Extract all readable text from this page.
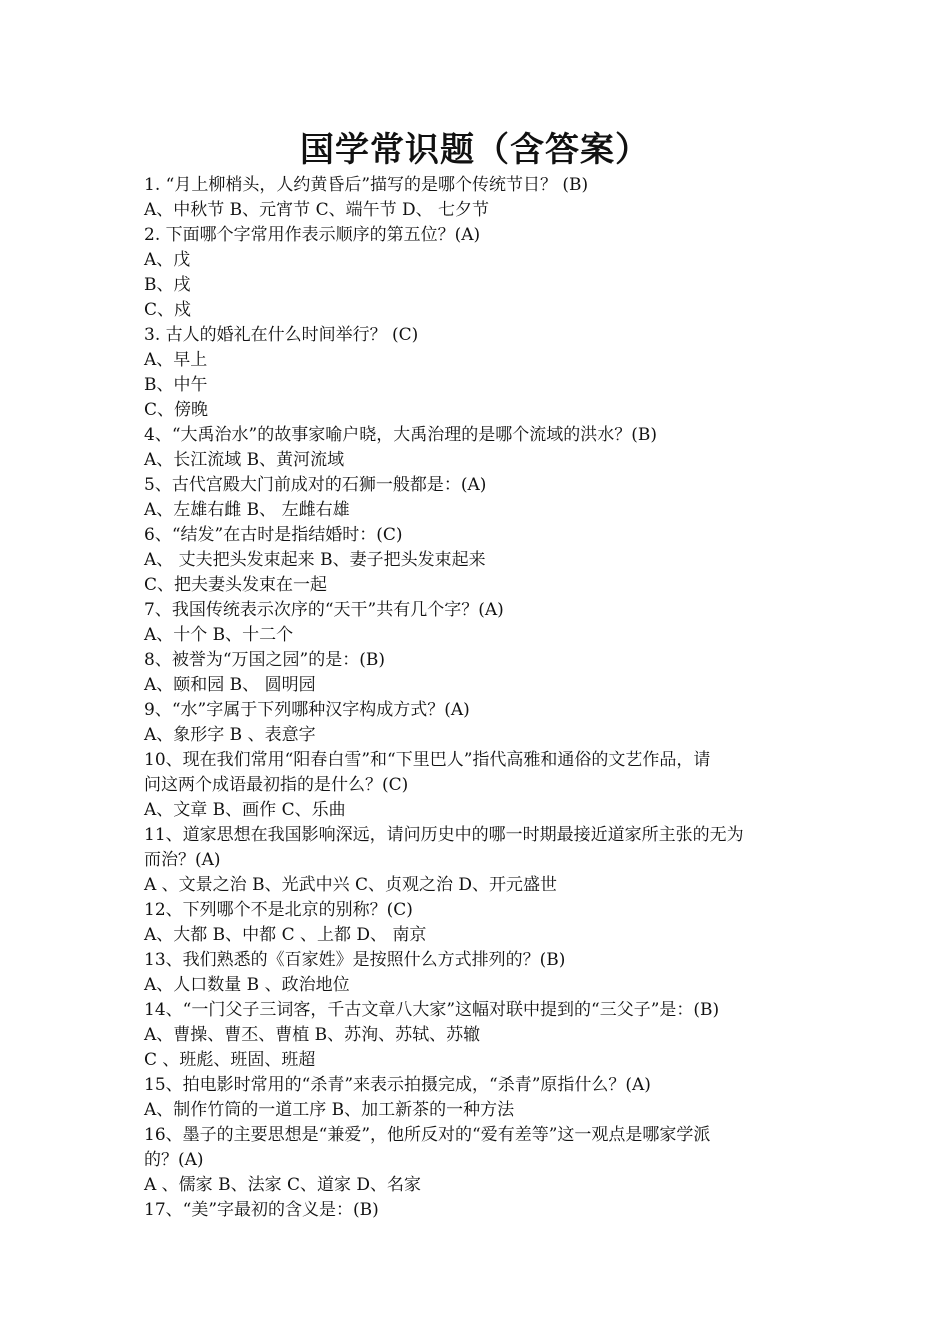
国学常识题（含答案）
1. “月上柳梢头，人约黄昏后”描写的是哪个传统节日？ (B)
A、中秋节 B、元宵节 C、端午节 D、 七夕节
2. 下面哪个字常用作表示顺序的第五位？(A)
A、戊
B、戌
C、戍
3. 古人的婚礼在什么时间举行？ (C)
A、早上
B、中午
C、傍晚
4、“大禹治水”的故事家喻户晓，大禹治理的是哪个流域的洪水？(B)
A、长江流域 B、黄河流域
5、古代宫殿大门前成对的石狮一般都是：(A)
A、左雄右雌 B、 左雌右雄
6、“结发”在古时是指结婚时：(C)
A、 丈夫把头发束起来 B、妻子把头发束起来
C、把夫妻头发束在一起
7、我国传统表示次序的“天干”共有几个字？(A)
A、十个 B、十二个
8、被誉为“万国之园”的是：(B)
A、颐和园 B、 圆明园
9、“水”字属于下列哪种汉字构成方式？(A)
A、象形字 B 、表意字
10、现在我们常用“阳春白雪”和“下里巴人”指代高雅和通俗的文艺作品，请
问这两个成语最初指的是什么？(C)
A、文章 B、画作 C、乐曲
11、道家思想在我国影响深远，请问历史中的哪一时期最接近道家所主张的无为
而治？(A)
A 、文景之治 B、光武中兴 C、贞观之治 D、开元盛世
12、下列哪个不是北京的别称？(C)
A、大都 B、中都 C 、上都 D、 南京
13、我们熟悉的《百家姓》是按照什么方式排列的？(B)
A、人口数量 B 、政治地位
14、“一门父子三词客，千古文章八大家”这幅对联中提到的“三父子”是：(B)
A、曹操、曹丕、曹植 B、苏洵、苏轼、苏辙
C 、班彪、班固、班超
15、拍电影时常用的“杀青”来表示拍摄完成，“杀青”原指什么？(A)
A、制作竹筒的一道工序 B、加工新茶的一种方法
16、墨子的主要思想是“兼爱”，他所反对的“爱有差等”这一观点是哪家学派
的？(A)
A 、儒家 B、法家 C、道家 D、名家
17、“美”字最初的含义是：(B)
